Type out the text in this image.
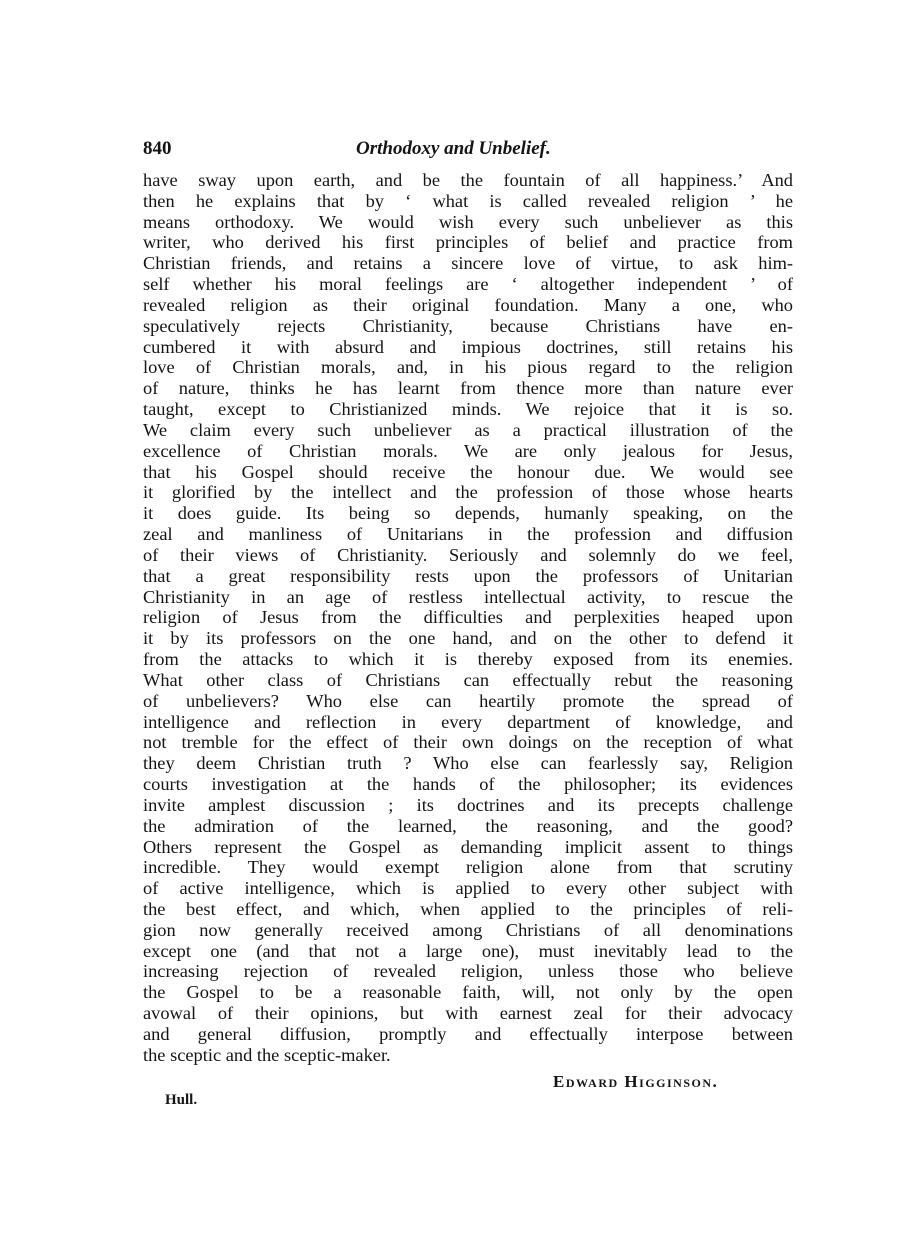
840	Orthodoxy and Unbelief.
have sway upon earth, and be the fountain of all happiness.’ And
then he explains that by ‘ what is called revealed religion ’ he
means orthodoxy. We would wish every such unbeliever as this
writer, who derived his first principles of belief and practice from
Christian friends, and retains a sincere love of virtue, to ask him-
self whether his moral feelings are ‘ altogether independent ’ of
revealed religion as their original foundation. Many a one, who
speculatively rejects Christianity, because Christians have en-
cumbered it with absurd and impious doctrines, still retains his
love of Christian morals, and, in his pious regard to the religion
of nature, thinks he has learnt from thence more than nature ever
taught, except to Christianized minds. We rejoice that it is so.
We claim every such unbeliever as a practical illustration of the
excellence of Christian morals. We are only jealous for Jesus,
that his Gospel should receive the honour due. We would see
it glorified by the intellect and the profession of those whose hearts
it does guide. Its being so depends, humanly speaking, on the
zeal and manliness of Unitarians in the profession and diffusion
of their views of Christianity. Seriously and solemnly do we feel,
that a great responsibility rests upon the professors of Unitarian
Christianity in an age of restless intellectual activity, to rescue the
religion of Jesus from the difficulties and perplexities heaped upon
it by its professors on the one hand, and on the other to defend it
from the attacks to which it is thereby exposed from its enemies.
What other class of Christians can effectually rebut the reasoning
of unbelievers? Who else can heartily promote the spread of
intelligence and reflection in every department of knowledge, and
not tremble for the effect of their own doings on the reception of what
they deem Christian truth ? Who else can fearlessly say, Religion
courts investigation at the hands of the philosopher; its evidences
invite amplest discussion ; its doctrines and its precepts challenge
the admiration of the learned, the reasoning, and the good?
Others represent the Gospel as demanding implicit assent to things
incredible. They would exempt religion alone from that scrutiny
of active intelligence, which is applied to every other subject with
the best effect, and which, when applied to the principles of reli-
gion now generally received among Christians of all denominations
except one (and that not a large one), must inevitably lead to the
increasing rejection of revealed religion, unless those who believe
the Gospel to be a reasonable faith, will, not only by the open
avowal of their opinions, but with earnest zeal for their advocacy
and general diffusion, promptly and effectually interpose between
the sceptic and the sceptic-maker.
Edward Higginson.
Hull.
